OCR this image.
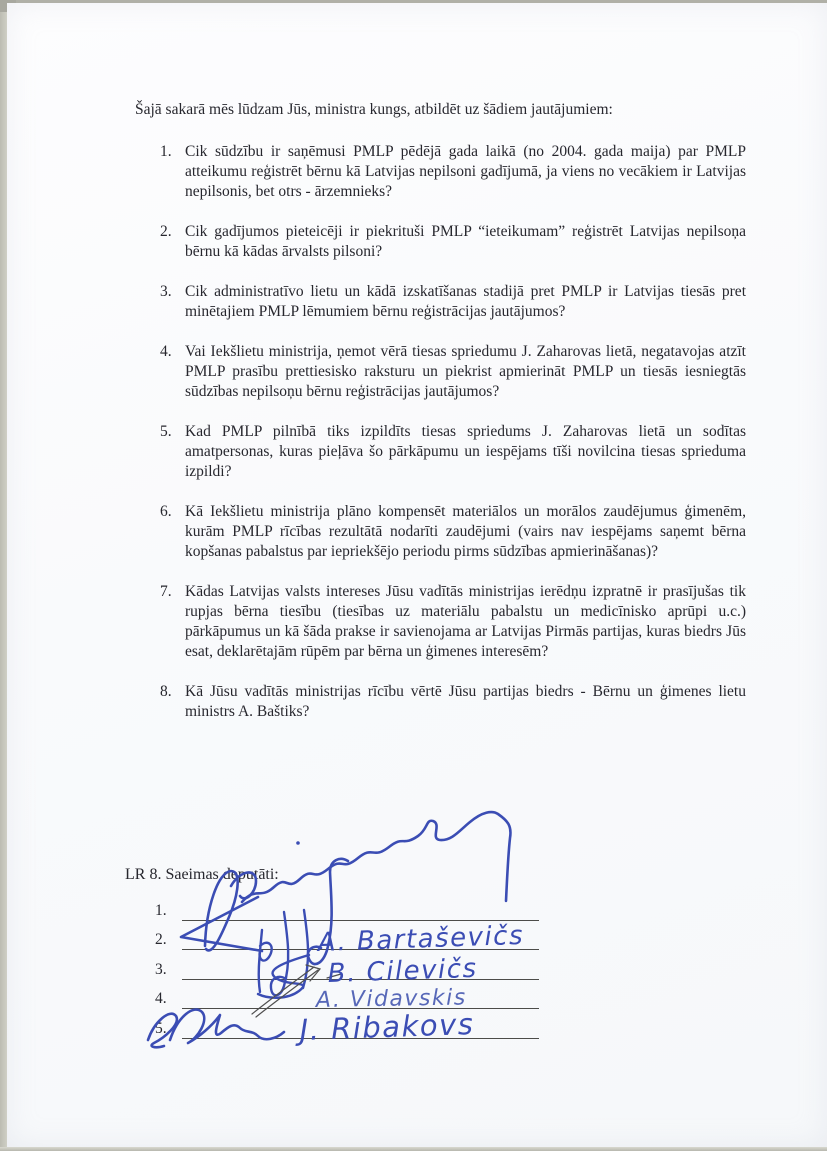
Šajā sakarā mēs lūdzam Jūs, ministra kungs, atbildēt uz šādiem jautājumiem:

1. Cik sūdzību ir saņēmusi PMLP pēdējā gada laikā (no 2004. gada maija) par PMLP atteikumu reģistrēt bērnu kā Latvijas nepilsoni gadījumā, ja viens no vecākiem ir Latvijas nepilsonis, bet otrs - ārzemnieks?
2. Cik gadījumos pieteicēji ir piekrituši PMLP “ieteikumam” reģistrēt Latvijas nepilsoņa bērnu kā kādas ārvalsts pilsoni?
3. Cik administratīvo lietu un kādā izskatīšanas stadijā pret PMLP ir Latvijas tiesās pret minētajiem PMLP lēmumiem bērnu reģistrācijas jautājumos?
4. Vai Iekšlietu ministrija, ņemot vērā tiesas spriedumu J. Zaharovas lietā, negatavojas atzīt PMLP prasību prettiesisko raksturu un piekrist apmierināt PMLP un tiesās iesniegtās sūdzības nepilsoņu bērnu reģistrācijas jautājumos?
5. Kad PMLP pilnībā tiks izpildīts tiesas spriedums J. Zaharovas lietā un sodītas amatpersonas, kuras pieļāva šo pārkāpumu un iespējams tīši novilcina tiesas sprieduma izpildi?
6. Kā Iekšlietu ministrija plāno kompensēt materiālos un morālos zaudējumus ģimenēm, kurām PMLP rīcības rezultātā nodarīti zaudējumi (vairs nav iespējams saņemt bērna kopšanas pabalstus par iepriekšējo periodu pirms sūdzības apmierināšanas)?
7. Kādas Latvijas valsts intereses Jūsu vadītās ministrijas ierēdņu izpratnē ir prasījušas tik rupjas bērna tiesību (tiesības uz materiālu pabalstu un medicīnisko aprūpi u.c.) pārkāpumus un kā šāda prakse ir savienojama ar Latvijas Pirmās partijas, kuras biedrs Jūs esat, deklarētajām rūpēm par bērna un ģimenes interesēm?
8. Kā Jūsu vadītās ministrijas rīcību vērtē Jūsu partijas biedrs - Bērnu un ģimenes lietu ministrs A. Baštiks?

LR 8. Saeimas deputāti:

1.
2.
3.
4.
5.
A. Bartaševičs
B. Cilevičs
A. Vidavskis
J. Ribakovs
